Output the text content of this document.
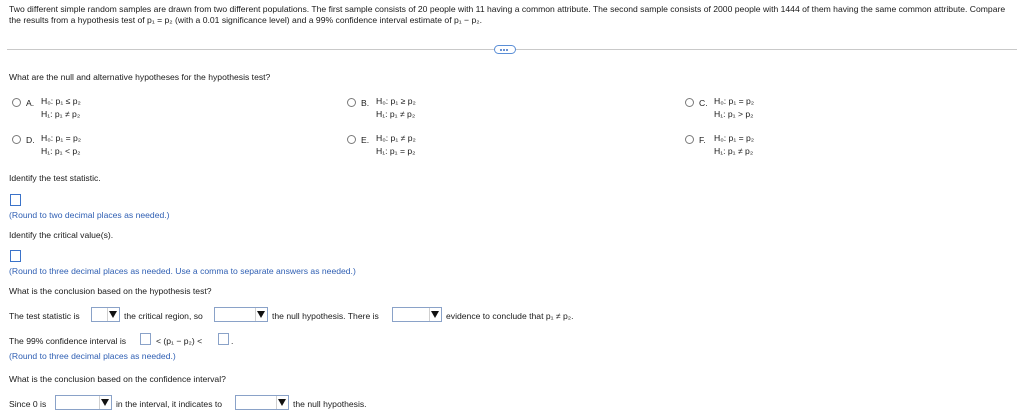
Two different simple random samples are drawn from two different populations. The first sample consists of 20 people with 11 having a common attribute. The second sample consists of 2000 people with 1444 of them having the same common attribute. Compare the results from a hypothesis test of p₁ = p₂ (with a 0.01 significance level) and a 99% confidence interval estimate of p₁ − p₂.
What are the null and alternative hypotheses for the hypothesis test?
A. H₀: p₁ ≤ p₂
H₁: p₁ ≠ p₂
B. H₀: p₁ ≥ p₂
H₁: p₁ ≠ p₂
C. H₀: p₁ = p₂
H₁: p₁ > p₂
D. H₀: p₁ = p₂
H₁: p₁ < p₂
E. H₀: p₁ ≠ p₂
H₁: p₁ = p₂
F. H₀: p₁ = p₂
H₁: p₁ ≠ p₂
Identify the test statistic.
(Round to two decimal places as needed.)
Identify the critical value(s).
(Round to three decimal places as needed. Use a comma to separate answers as needed.)
What is the conclusion based on the hypothesis test?
The test statistic is	the critical region, so	the null hypothesis. There is	evidence to conclude that p₁ ≠ p₂.
The 99% confidence interval is	< (p₁ − p₂) <	.
(Round to three decimal places as needed.)
What is the conclusion based on the confidence interval?
Since 0 is	in the interval, it indicates to	the null hypothesis.
